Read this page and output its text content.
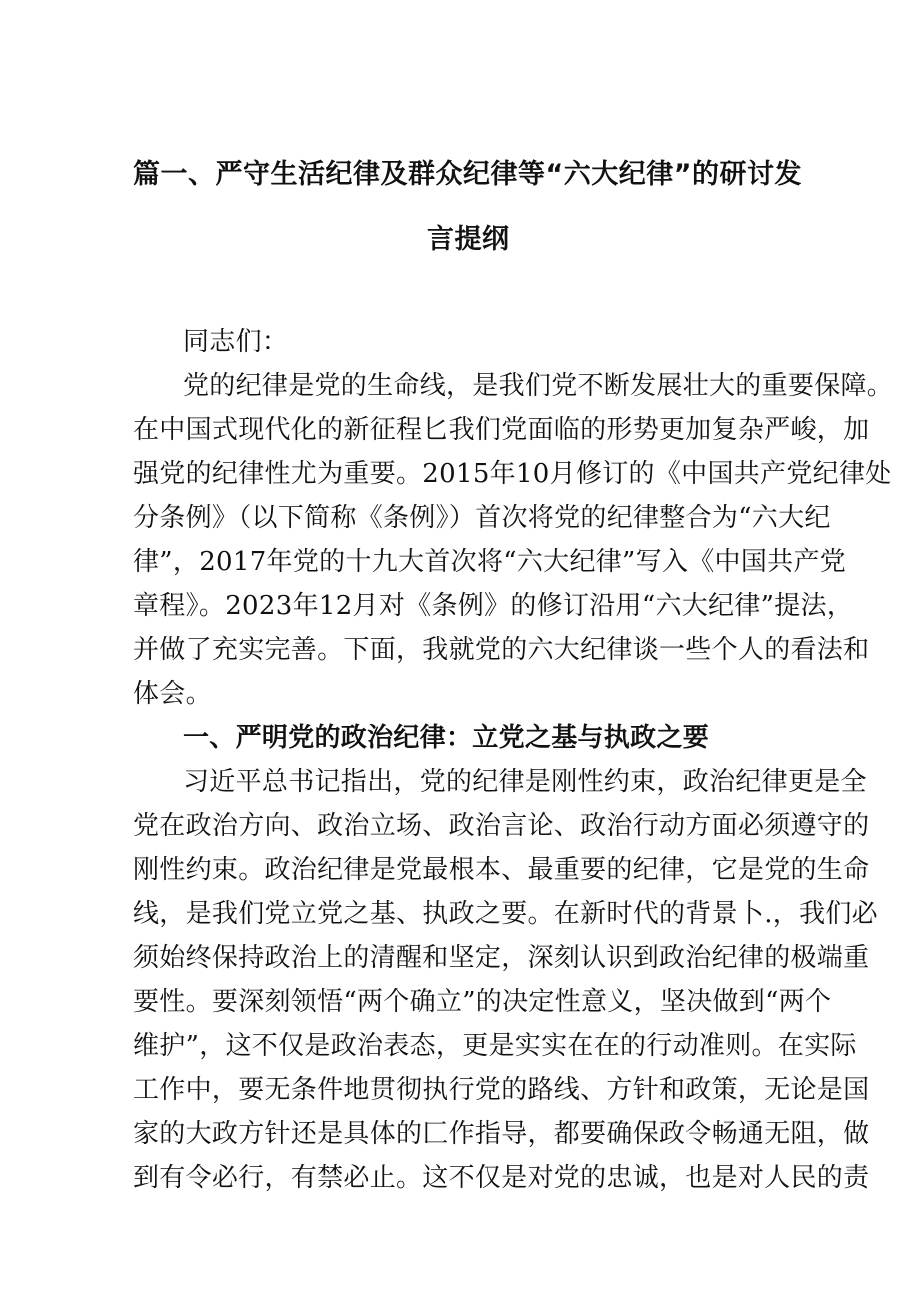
篇一、严守生活纪律及群众纪律等“六大纪律”的研讨发
言提纲
同志们：
党的纪律是党的生命线，是我们党不断发展壮大的重要保障。
在中国式现代化的新征程匕我们党面临的形势更加复杂严峻，加
强党的纪律性尤为重要。2015年10月修订的《中国共产党纪律处
分条例》（以下简称《条例》）首次将党的纪律整合为“六大纪
律”，2017年党的十九大首次将“六大纪律”写入《中国共产党
章程》。2023年12月对《条例》的修订沿用“六大纪律”提法，
并做了充实完善。下面，我就党的六大纪律谈一些个人的看法和
体会。
一、严明党的政治纪律：立党之基与执政之要
习近平总书记指出，党的纪律是刚性约束，政治纪律更是全
党在政治方向、政治立场、政治言论、政治行动方面必须遵守的
刚性约束。政治纪律是党最根本、最重要的纪律，它是党的生命
线，是我们党立党之基、执政之要。在新时代的背景卜.，我们必
须始终保持政治上的清醒和坚定，深刻认识到政治纪律的极端重
要性。要深刻领悟“两个确立”的决定性意义，坚决做到“两个
维护”，这不仅是政治表态，更是实实在在的行动准则。在实际
工作中，要无条件地贯彻执行党的路线、方针和政策，无论是国
家的大政方针还是具体的匚作指导，都要确保政令畅通无阻，做
到有令必行，有禁必止。这不仅是对党的忠诚，也是对人民的责
